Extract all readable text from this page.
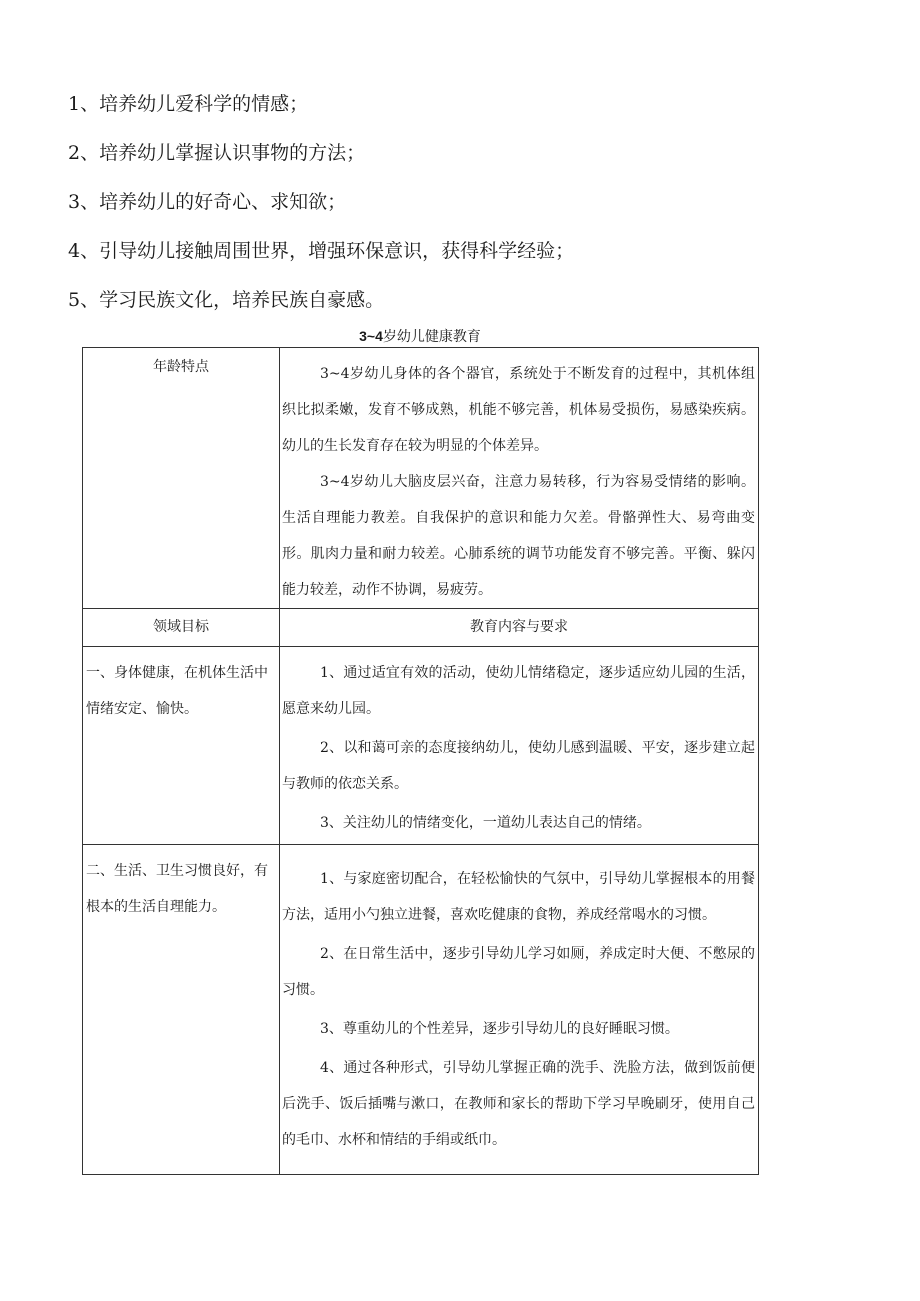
1、培养幼儿爱科学的情感；
2、培养幼儿掌握认识事物的方法；
3、培养幼儿的好奇心、求知欲；
4、引导幼儿接触周围世界，增强环保意识，获得科学经验；
5、学习民族文化，培养民族自豪感。
3~4岁幼儿健康教育
年龄特点	3~4岁幼儿身体的各个器官，系统处于不断发育的过程中，其机体组织比拟柔嫩，发育不够成熟，机能不够完善，机体易受损伤，易感染疾病。幼儿的生长发育存在较为明显的个体差异。
3~4岁幼儿大脑皮层兴奋，注意力易转移，行为容易受情绪的影响。生活自理能力教差。自我保护的意识和能力欠差。骨骼弹性大、易弯曲变形。肌肉力量和耐力较差。心肺系统的调节功能发育不够完善。平衡、躲闪能力较差，动作不协调，易疲劳。

领域目标	教育内容与要求

一、身体健康，在机体生活中情绪安定、愉快。	1、通过适宜有效的活动，使幼儿情绪稳定，逐步适应幼儿园的生活，愿意来幼儿园。
2、以和蔼可亲的态度接纳幼儿，使幼儿感到温暖、平安，逐步建立起与教师的依恋关系。
3、关注幼儿的情绪变化，一道幼儿表达自己的情绪。

二、生活、卫生习惯良好，有根本的生活自理能力。	1、与家庭密切配合，在轻松愉快的气氛中，引导幼儿掌握根本的用餐方法，适用小勺独立进餐，喜欢吃健康的食物，养成经常喝水的习惯。
2、在日常生活中，逐步引导幼儿学习如厕，养成定时大便、不憋尿的习惯。
3、尊重幼儿的个性差异，逐步引导幼儿的良好睡眠习惯。
4、通过各种形式，引导幼儿掌握正确的洗手、洗脸方法，做到饭前便后洗手、饭后插嘴与漱口，在教师和家长的帮助下学习早晚刷牙，使用自己的毛巾、水杯和情结的手绢或纸巾。
